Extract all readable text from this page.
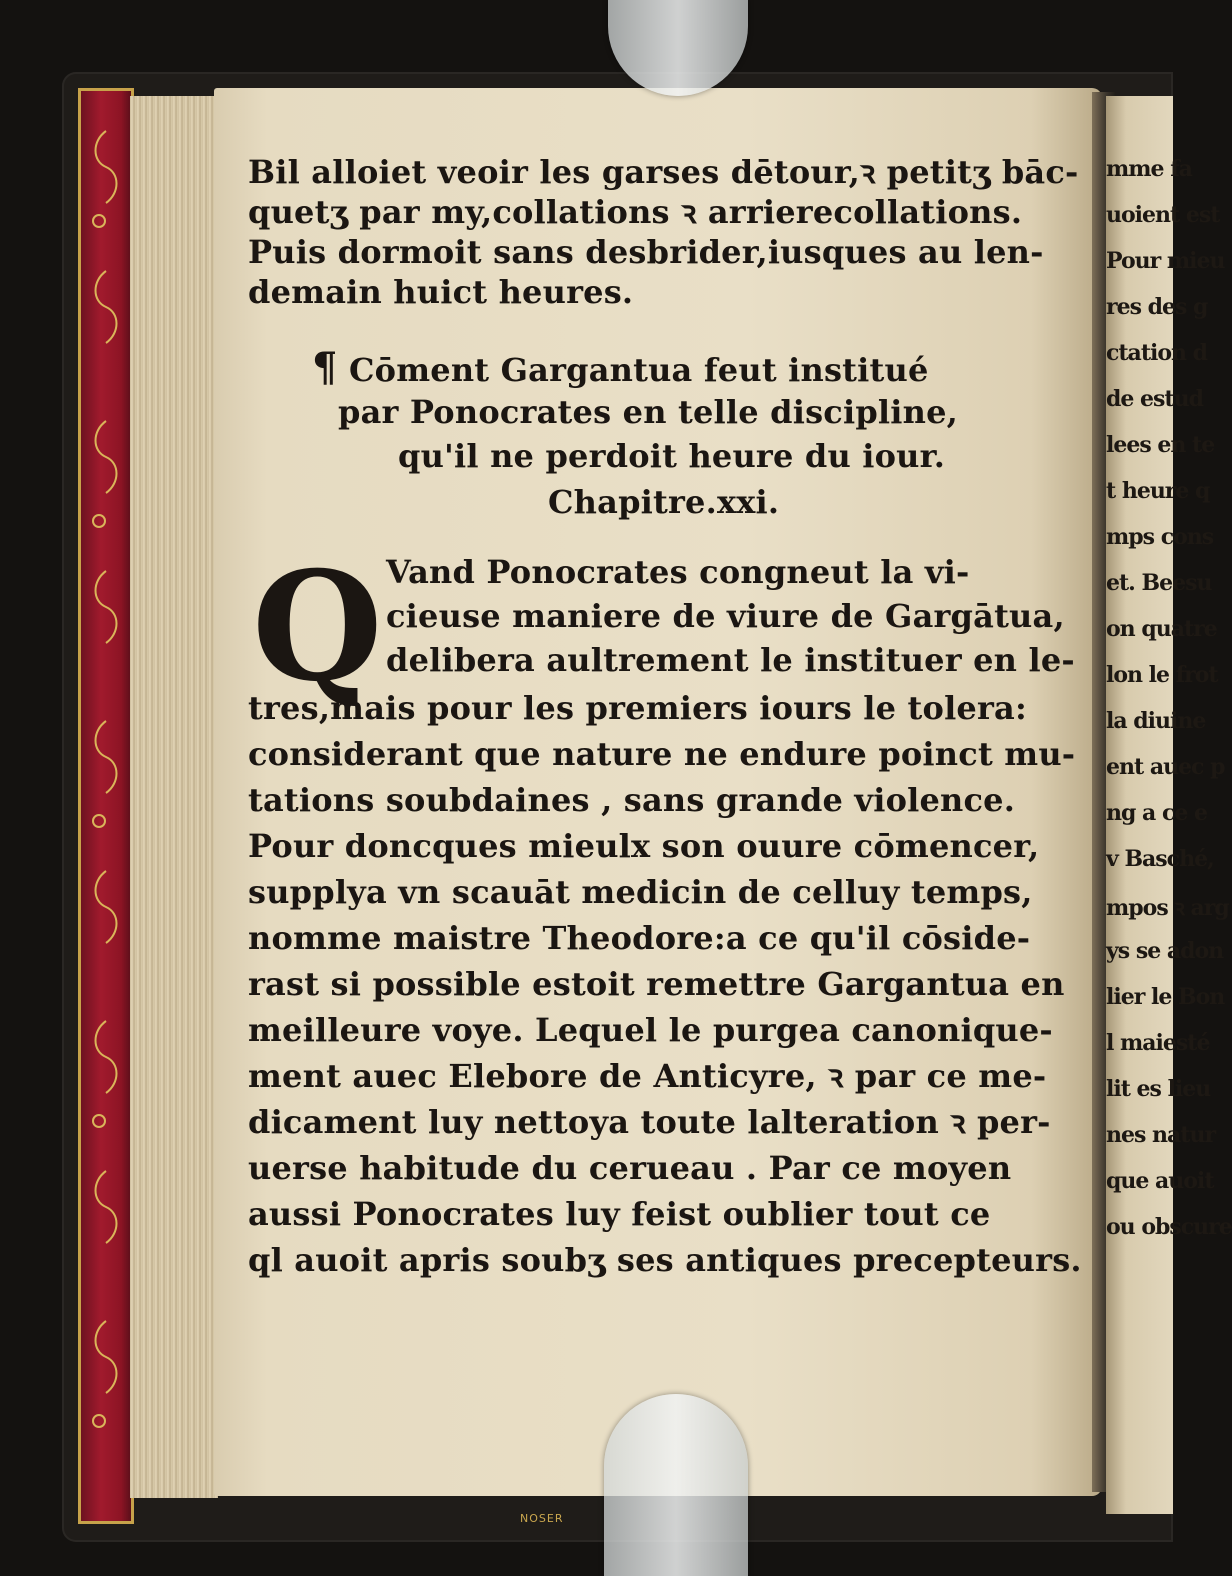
mme fa
uoient est
Pour mieu
res des g
ctation d
de estud
lees en te
t heure q
mps cons
et. Beesu
on quatre
lon le frot
la diuine
ent auec p
ng a ce e
v Basché,
mpos ꝛ arg
ys se adon
lier le Bon
l maiesté
lit es lieu
nes natur
que auoit
ou obscure
Bil alloiet veoir les garses dētour,ꝛ petitʒ bāc-
quetʒ par my,collations ꝛ arrierecollations.
Puis dormoit sans desbrider,iusques au len-
demain huict heures.
¶ Cōment Gargantua feut institué
par Ponocrates en telle discipline,
qu'il ne perdoit heure du iour.
Chapitre.xxi.
Vand Ponocrates congneut la vi-
cieuse maniere de viure de Gargātua,
delibera aultrement le instituer en le-
tres,mais pour les premiers iours le tolera:
considerant que nature ne endure poinct mu-
tations soubdaines , sans grande violence.
Pour doncques mieulx son ouure cōmencer,
supplya vn scauāt medicin de celluy temps,
nomme maistre Theodore:a ce qu'il cōside-
rast si possible estoit remettre Gargantua en
meilleure voye. Lequel le purgea canonique-
ment auec Elebore de Anticyre, ꝛ par ce me-
dicament luy nettoya toute lalteration ꝛ per-
uerse habitude du cerueau . Par ce moyen
aussi Ponocrates luy feist oublier tout ce
ql auoit apris soubʒ ses antiques precepteurs.
Q
NOSER
